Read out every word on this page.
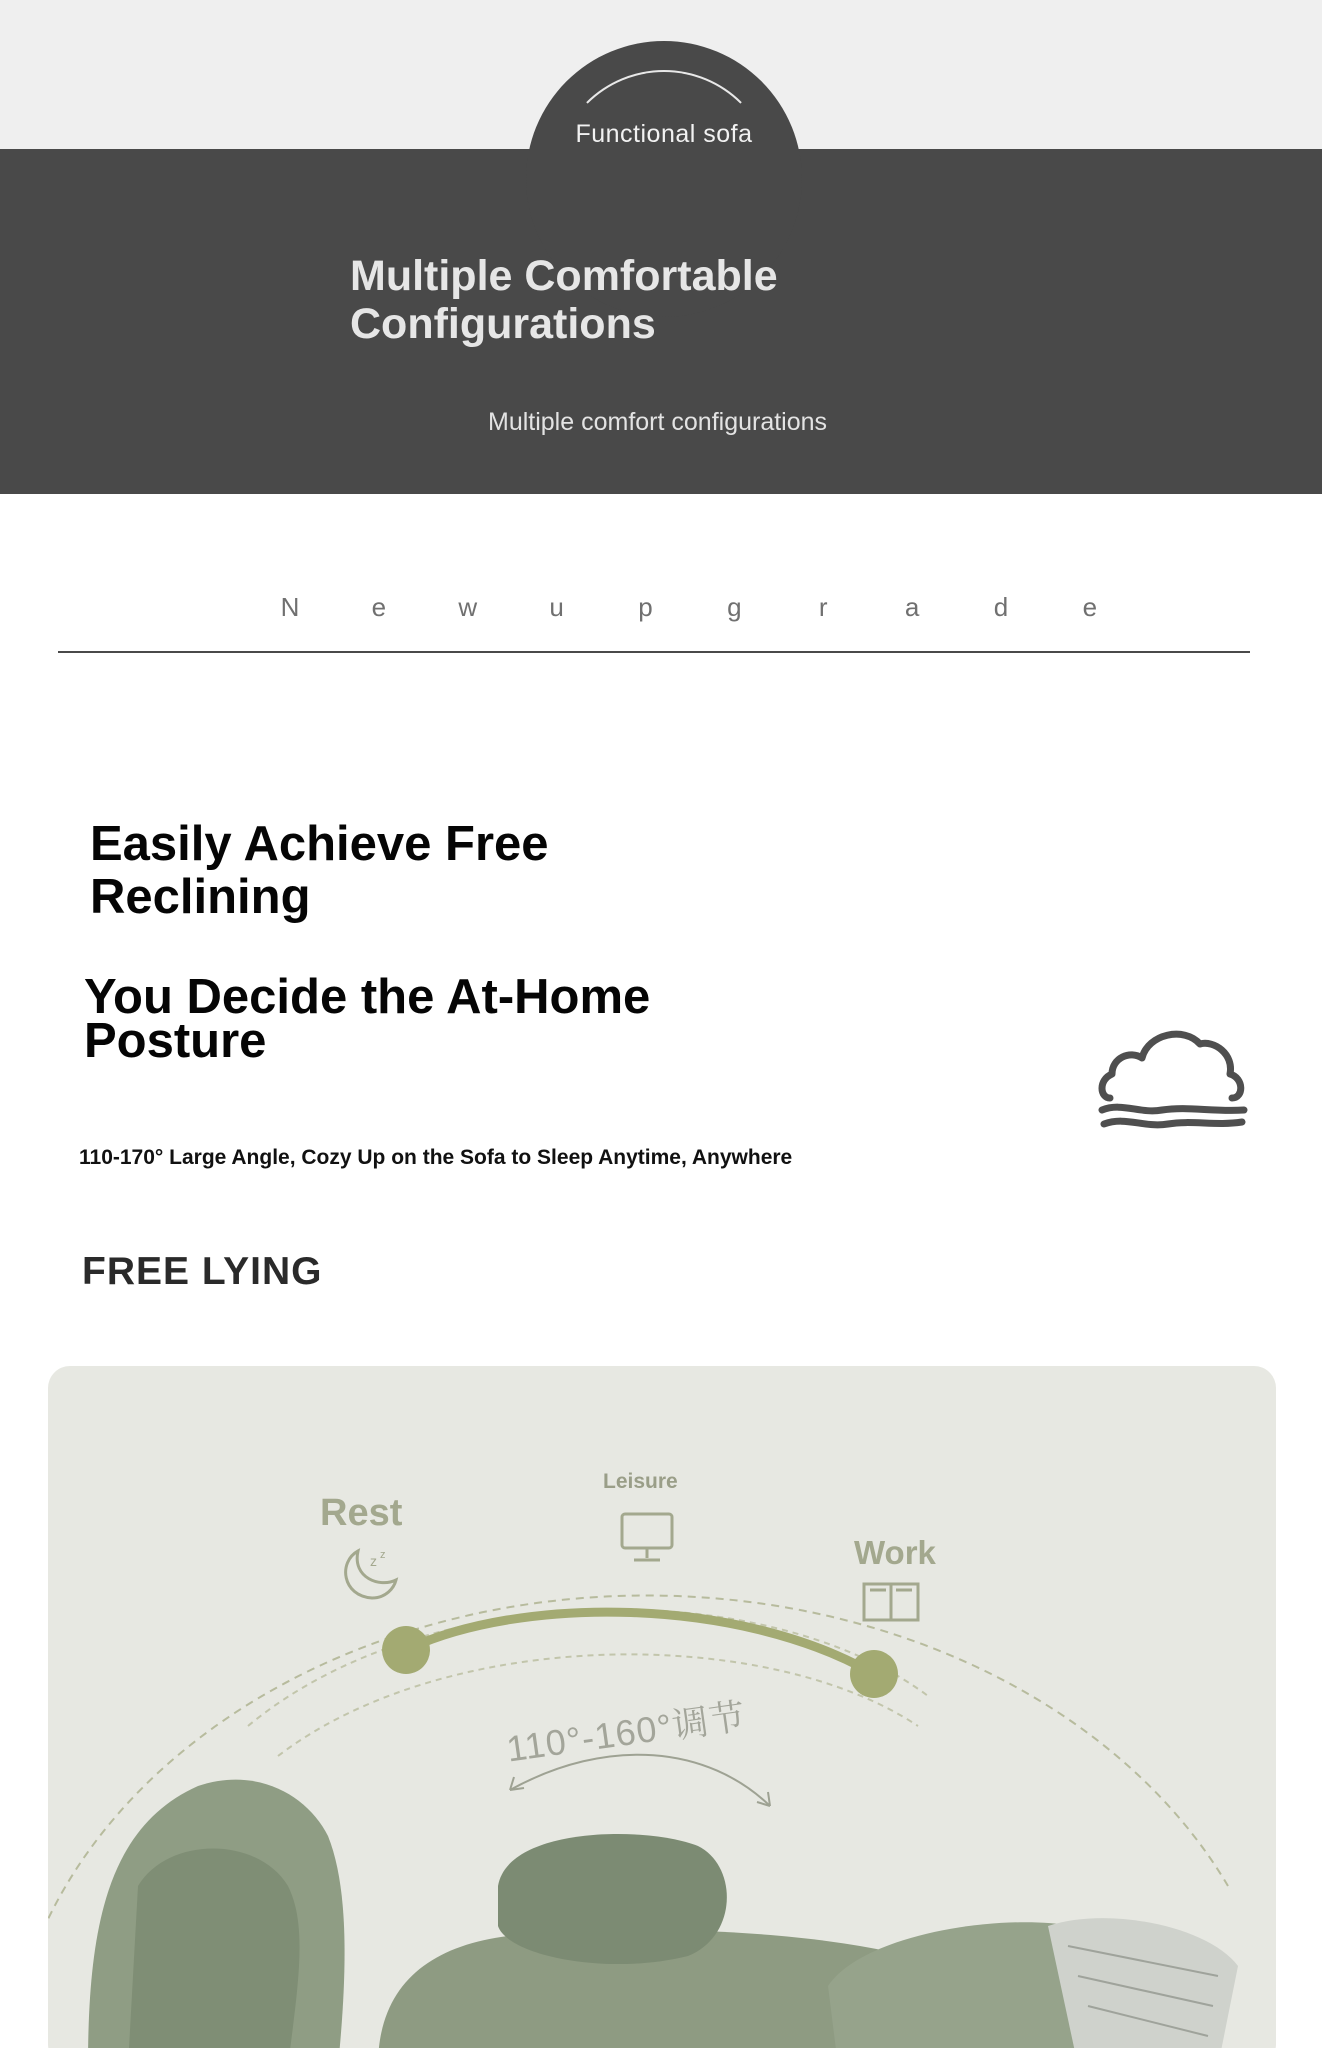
Functional sofa
Multiple Comfortable Configurations
Multiple comfort configurations
N	e	w	u	p	g	r	a	d	e
Easily Achieve Free Reclining
You Decide the At-Home Posture
110-170° Large Angle, Cozy Up on the Sofa to Sleep Anytime, Anywhere
FREE LYING
z z
Rest
Leisure
Work
110°-160°调节
